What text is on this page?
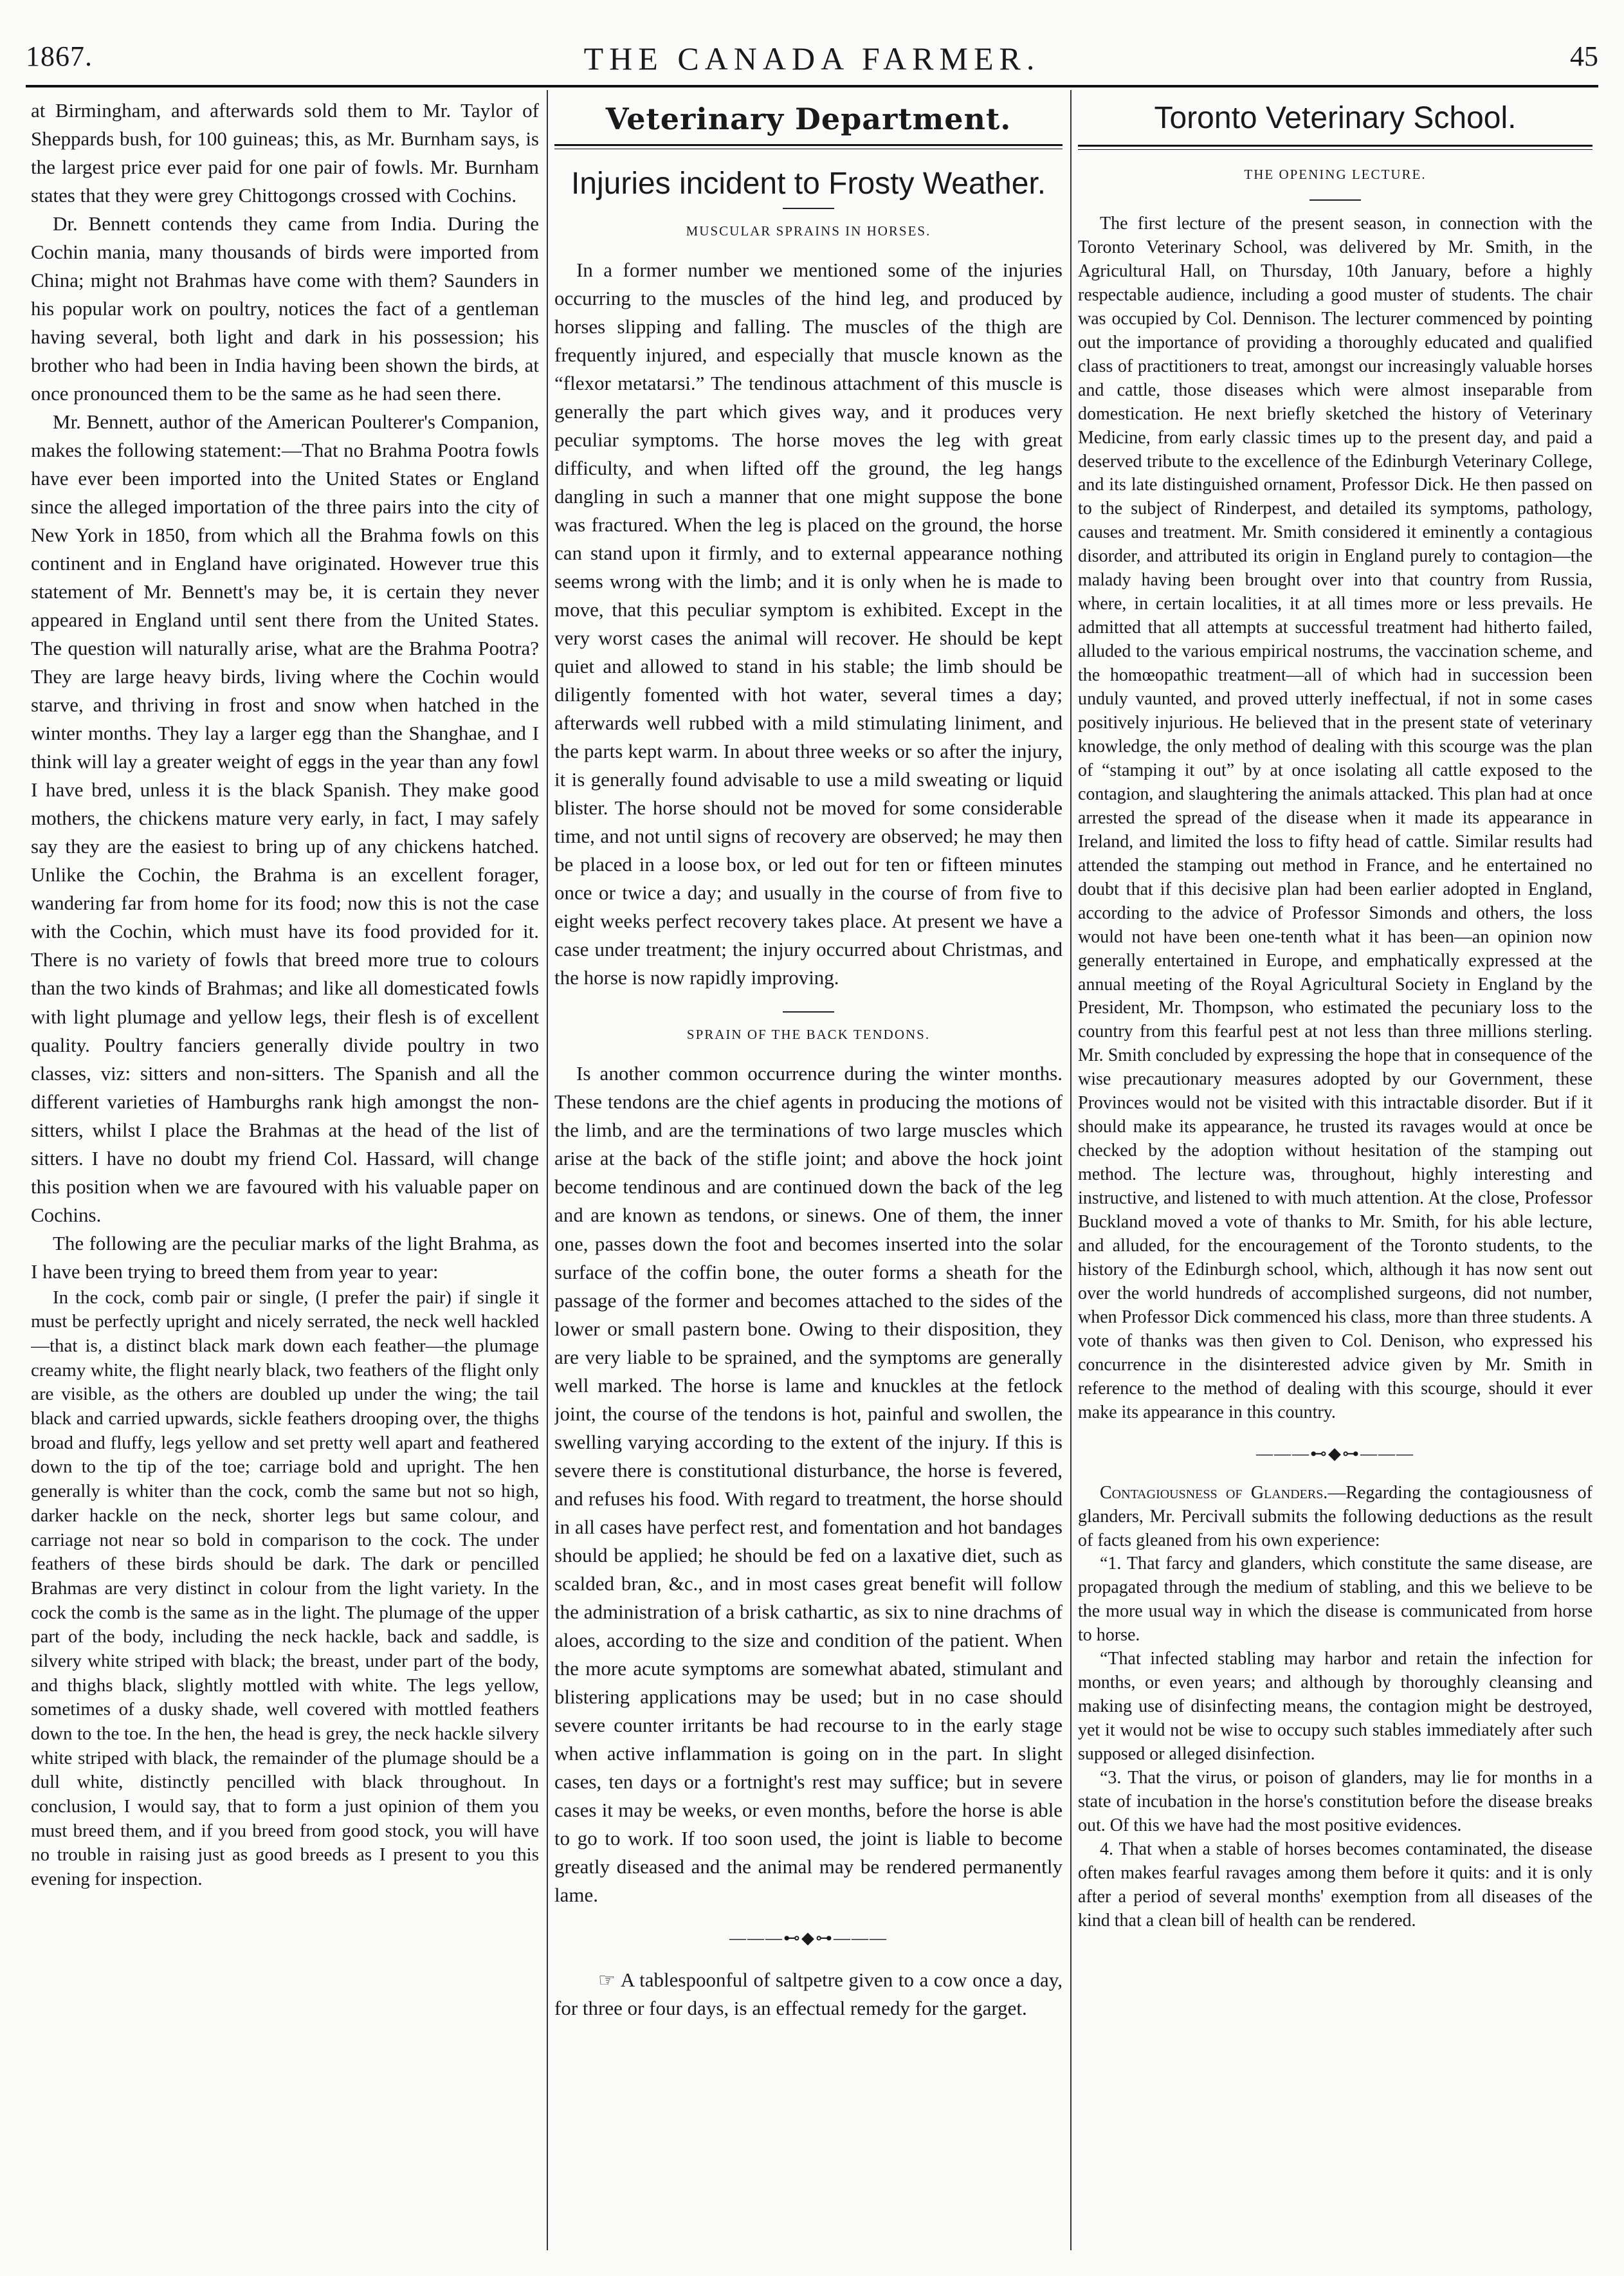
1867.	THE CANADA FARMER.	45

at Birmingham, and afterwards sold them to Mr. Taylor of Sheppards bush, for 100 guineas; this, as Mr. Burnham says, is the largest price ever paid for one pair of fowls. Mr. Burnham states that they were grey Chittogongs crossed with Cochins.

Dr. Bennett contends they came from India. During the Cochin mania, many thousands of birds were imported from China; might not Brahmas have come with them? Saunders in his popular work on poultry, notices the fact of a gentleman having several, both light and dark in his possession; his brother who had been in India having been shown the birds, at once pronounced them to be the same as he had seen there.

Mr. Bennett, author of the American Poulterer's Companion, makes the following statement:—That no Brahma Pootra fowls have ever been imported into the United States or England since the alleged importation of the three pairs into the city of New York in 1850, from which all the Brahma fowls on this continent and in England have originated. However true this statement of Mr. Bennett's may be, it is certain they never appeared in England until sent there from the United States. The question will naturally arise, what are the Brahma Pootra? They are large heavy birds, living where the Cochin would starve, and thriving in frost and snow when hatched in the winter months. They lay a larger egg than the Shanghae, and I think will lay a greater weight of eggs in the year than any fowl I have bred, unless it is the black Spanish. They make good mothers, the chickens mature very early, in fact, I may safely say they are the easiest to bring up of any chickens hatched. Unlike the Cochin, the Brahma is an excellent forager, wandering far from home for its food; now this is not the case with the Cochin, which must have its food provided for it. There is no variety of fowls that breed more true to colours than the two kinds of Brahmas; and like all domesticated fowls with light plumage and yellow legs, their flesh is of excellent quality. Poultry fanciers generally divide poultry in two classes, viz: sitters and non-sitters. The Spanish and all the different varieties of Hamburghs rank high amongst the non-sitters, whilst I place the Brahmas at the head of the list of sitters. I have no doubt my friend Col. Hassard, will change this position when we are favoured with his valuable paper on Cochins.

The following are the peculiar marks of the light Brahma, as I have been trying to breed them from year to year:

In the cock, comb pair or single, (I prefer the pair) if single it must be perfectly upright and nicely serrated, the neck well hackled—that is, a distinct black mark down each feather—the plumage creamy white, the flight nearly black, two feathers of the flight only are visible, as the others are doubled up under the wing; the tail black and carried upwards, sickle feathers drooping over, the thighs broad and fluffy, legs yellow and set pretty well apart and feathered down to the tip of the toe; carriage bold and upright. The hen generally is whiter than the cock, comb the same but not so high, darker hackle on the neck, shorter legs but same colour, and carriage not near so bold in comparison to the cock. The under feathers of these birds should be dark. The dark or pencilled Brahmas are very distinct in colour from the light variety. In the cock the comb is the same as in the light. The plumage of the upper part of the body, including the neck hackle, back and saddle, is silvery white striped with black; the breast, under part of the body, and thighs black, slightly mottled with white. The legs yellow, sometimes of a dusky shade, well covered with mottled feathers down to the toe. In the hen, the head is grey, the neck hackle silvery white striped with black, the remainder of the plumage should be a dull white, distinctly pencilled with black throughout. In conclusion, I would say, that to form a just opinion of them you must breed them, and if you breed from good stock, you will have no trouble in raising just as good breeds as I present to you this evening for inspection.

Veterinary Department.
Injuries incident to Frosty Weather.
MUSCULAR SPRAINS IN HORSES.

In a former number we mentioned some of the injuries occurring to the muscles of the hind leg, and produced by horses slipping and falling. The muscles of the thigh are frequently injured, and especially that muscle known as the “flexor metatarsi.” The tendinous attachment of this muscle is generally the part which gives way, and it produces very peculiar symptoms. The horse moves the leg with great difficulty, and when lifted off the ground, the leg hangs dangling in such a manner that one might suppose the bone was fractured. When the leg is placed on the ground, the horse can stand upon it firmly, and to external appearance nothing seems wrong with the limb; and it is only when he is made to move, that this peculiar symptom is exhibited. Except in the very worst cases the animal will recover. He should be kept quiet and allowed to stand in his stable; the limb should be diligently fomented with hot water, several times a day; afterwards well rubbed with a mild stimulating liniment, and the parts kept warm. In about three weeks or so after the injury, it is generally found advisable to use a mild sweating or liquid blister. The horse should not be moved for some considerable time, and not until signs of recovery are observed; he may then be placed in a loose box, or led out for ten or fifteen minutes once or twice a day; and usually in the course of from five to eight weeks perfect recovery takes place. At present we have a case under treatment; the injury occurred about Christmas, and the horse is now rapidly improving.

SPRAIN OF THE BACK TENDONS.

Is another common occurrence during the winter months. These tendons are the chief agents in producing the motions of the limb, and are the terminations of two large muscles which arise at the back of the stifle joint; and above the hock joint become tendinous and are continued down the back of the leg and are known as tendons, or sinews. One of them, the inner one, passes down the foot and becomes inserted into the solar surface of the coffin bone, the outer forms a sheath for the passage of the former and becomes attached to the sides of the lower or small pastern bone. Owing to their disposition, they are very liable to be sprained, and the symptoms are generally well marked. The horse is lame and knuckles at the fetlock joint, the course of the tendons is hot, painful and swollen, the swelling varying according to the extent of the injury. If this is severe there is constitutional disturbance, the horse is fevered, and refuses his food. With regard to treatment, the horse should in all cases have perfect rest, and fomentation and hot bandages should be applied; he should be fed on a laxative diet, such as scalded bran, &c., and in most cases great benefit will follow the administration of a brisk cathartic, as six to nine drachms of aloes, according to the size and condition of the patient. When the more acute symptoms are somewhat abated, stimulant and blistering applications may be used; but in no case should severe counter irritants be had recourse to in the early stage when active inflammation is going on in the part. In slight cases, ten days or a fortnight's rest may suffice; but in severe cases it may be weeks, or even months, before the horse is able to go to work. If too soon used, the joint is liable to become greatly diseased and the animal may be rendered permanently lame.

———⊷◆⊶———

☞ A tablespoonful of saltpetre given to a cow once a day, for three or four days, is an effectual remedy for the garget.

Toronto Veterinary School.
THE OPENING LECTURE.

The first lecture of the present season, in connection with the Toronto Veterinary School, was delivered by Mr. Smith, in the Agricultural Hall, on Thursday, 10th January, before a highly respectable audience, including a good muster of students. The chair was occupied by Col. Dennison. The lecturer commenced by pointing out the importance of providing a thoroughly educated and qualified class of practitioners to treat, amongst our increasingly valuable horses and cattle, those diseases which were almost inseparable from domestication. He next briefly sketched the history of Veterinary Medicine, from early classic times up to the present day, and paid a deserved tribute to the excellence of the Edinburgh Veterinary College, and its late distinguished ornament, Professor Dick. He then passed on to the subject of Rinderpest, and detailed its symptoms, pathology, causes and treatment. Mr. Smith considered it eminently a contagious disorder, and attributed its origin in England purely to contagion—the malady having been brought over into that country from Russia, where, in certain localities, it at all times more or less prevails. He admitted that all attempts at successful treatment had hitherto failed, alluded to the various empirical nostrums, the vaccination scheme, and the homœopathic treatment—all of which had in succession been unduly vaunted, and proved utterly ineffectual, if not in some cases positively injurious. He believed that in the present state of veterinary knowledge, the only method of dealing with this scourge was the plan of “stamping it out” by at once isolating all cattle exposed to the contagion, and slaughtering the animals attacked. This plan had at once arrested the spread of the disease when it made its appearance in Ireland, and limited the loss to fifty head of cattle. Similar results had attended the stamping out method in France, and he entertained no doubt that if this decisive plan had been earlier adopted in England, according to the advice of Professor Simonds and others, the loss would not have been one-tenth what it has been—an opinion now generally entertained in Europe, and emphatically expressed at the annual meeting of the Royal Agricultural Society in England by the President, Mr. Thompson, who estimated the pecuniary loss to the country from this fearful pest at not less than three millions sterling. Mr. Smith concluded by expressing the hope that in consequence of the wise precautionary measures adopted by our Government, these Provinces would not be visited with this intractable disorder. But if it should make its appearance, he trusted its ravages would at once be checked by the adoption without hesitation of the stamping out method. The lecture was, throughout, highly interesting and instructive, and listened to with much attention. At the close, Professor Buckland moved a vote of thanks to Mr. Smith, for his able lecture, and alluded, for the encouragement of the Toronto students, to the history of the Edinburgh school, which, although it has now sent out over the world hundreds of accomplished surgeons, did not number, when Professor Dick commenced his class, more than three students. A vote of thanks was then given to Col. Denison, who expressed his concurrence in the disinterested advice given by Mr. Smith in reference to the method of dealing with this scourge, should it ever make its appearance in this country.

———⊷◆⊶———

Contagiousness of Glanders.—Regarding the contagiousness of glanders, Mr. Percivall submits the following deductions as the result of facts gleaned from his own experience:

“1. That farcy and glanders, which constitute the same disease, are propagated through the medium of stabling, and this we believe to be the more usual way in which the disease is communicated from horse to horse.

“That infected stabling may harbor and retain the infection for months, or even years; and although by thoroughly cleansing and making use of disinfecting means, the contagion might be destroyed, yet it would not be wise to occupy such stables immediately after such supposed or alleged disinfection.

“3. That the virus, or poison of glanders, may lie for months in a state of incubation in the horse's constitution before the disease breaks out. Of this we have had the most positive evidences.

4. That when a stable of horses becomes contaminated, the disease often makes fearful ravages among them before it quits: and it is only after a period of several months' exemption from all diseases of the kind that a clean bill of health can be rendered.
